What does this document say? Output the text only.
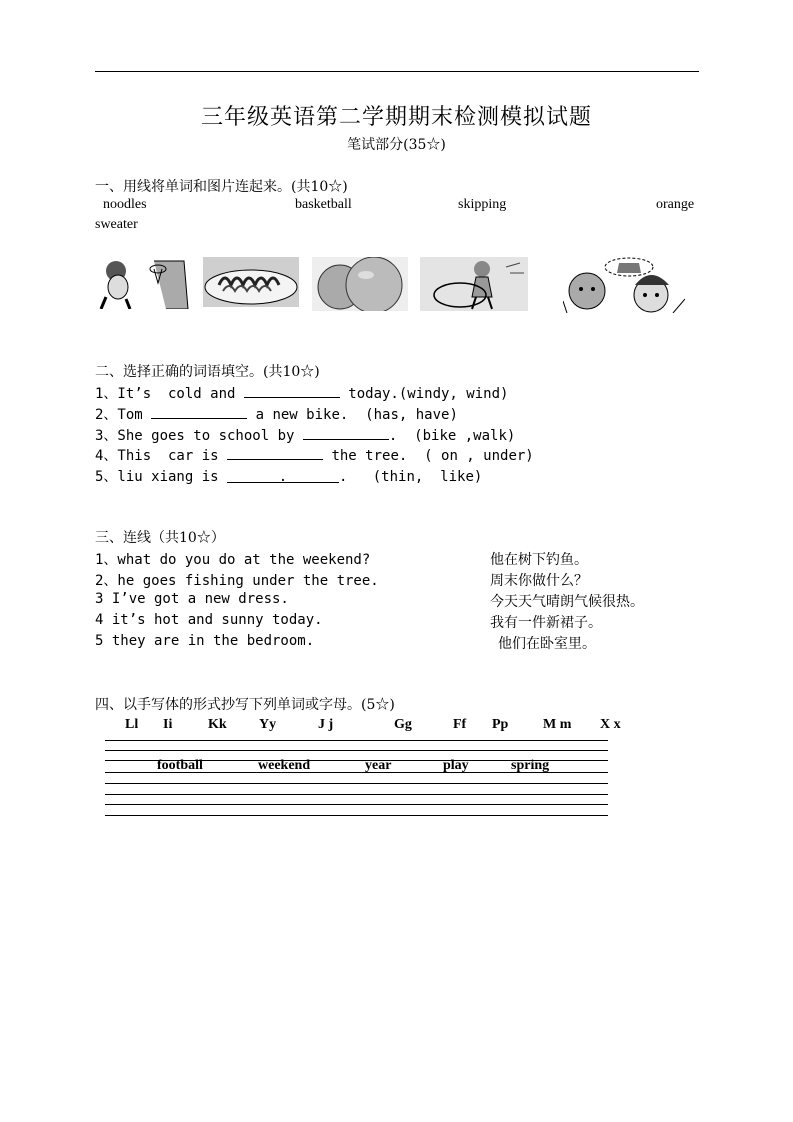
三年级英语第二学期期末检测模拟试题
笔试部分(35☆)
一、用线将单词和图片连起来。(共10☆)
noodles	basketball	skipping	orange
sweater
二、选择正确的词语填空。(共10☆)
1、It’s  cold and	today.(windy, wind)
2、Tom	a new bike.  (has, have)
3、She goes to school by	.  (bike ,walk)
4、This  car is	the tree.  ( on , under)
5、liu xiang is	.	.   (thin,  like)
三、连线（共10☆）
1、what do you do at the weekend?
2、he goes fishing under the tree.
3 I’ve got a new dress.
4 it’s hot and sunny today.
5 they are in the bedroom.
他在树下钓鱼。
周末你做什么？
今天天气晴朗气候很热。
我有一件新裙子。
他们在卧室里。
四、以手写体的形式抄写下列单词或字母。(5☆)
Ll Ii	Kk Yy	J j	Gg	Ff Pp M m X x
football	weekend	year	play	spring
